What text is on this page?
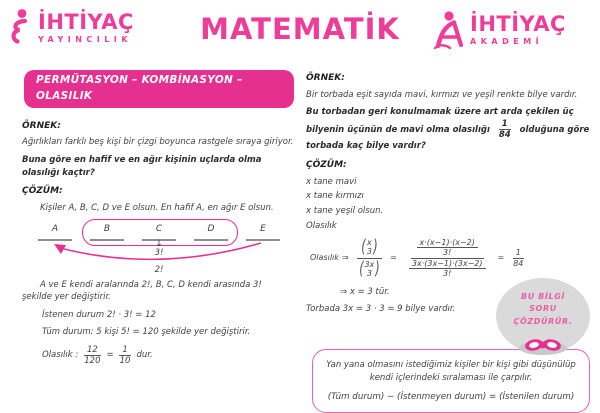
İHTİYAÇ
YAYINCILIK	MATEMATİK	İHTİYAÇ
AKADEMİ
PERMÜTASYON – KOMBİNASYON – OLASILIK
ÖRNEK:

Ağırlıkları farklı beş kişi bir çizgi boyunca rastgele sıraya giriyor.

Buna göre en hafif ve en ağır kişinin uçlarda olma olasılığı kaçtır?

ÇÖZÜM:

Kişiler A, B, C, D ve E olsun. En hafif A, en ağır E olsun.

A	B	C	D	E
↓
3!
2!

A ve E kendi aralarında 2!, B, C, D kendi arasında 3! şekilde yer değiştirir.

İstenen durum 2! · 3! = 12

Tüm durum: 5 kişi 5! = 120 şekilde yer değiştirir.

Olasılık : $\frac{12}{120} = \frac{1}{10}$ dur.
ÖRNEK:

Bir torbada eşit sayıda mavi, kırmızı ve yeşil renkte bilye vardır.

Bu torbadan geri konulmamak üzere art arda çekilen üç bilyenin üçünün de mavi olma olasılığı $\frac{1}{84}$ olduğuna göre torbada kaç bilye vardır?

ÇÖZÜM:

x tane mavi

x tane kırmızı

x tane yeşil olsun.

Olasılık

Olasılık ⇒ ( x
3
)
( 3x
3
) = $\frac{\frac{x\cdot(x-1)\cdot(x-2)}{3!}}{\frac{3x\cdot(3x-1)\cdot(3x-2)}{3!}} = \frac{1}{84}$

⇒ x = 3 tür.

Torbada 3x = 3 · 3 = 9 bilye vardır.

BU BİLGİ
SORU
ÇÖZDÜRÜR.

Yan yana olmasını istediğimiz kişiler bir kişi gibi düşünülüp kendi içlerindeki sıralaması ile çarpılır.

(Tüm durum) − (İstenmeyen durum) = (İstenilen durum)
